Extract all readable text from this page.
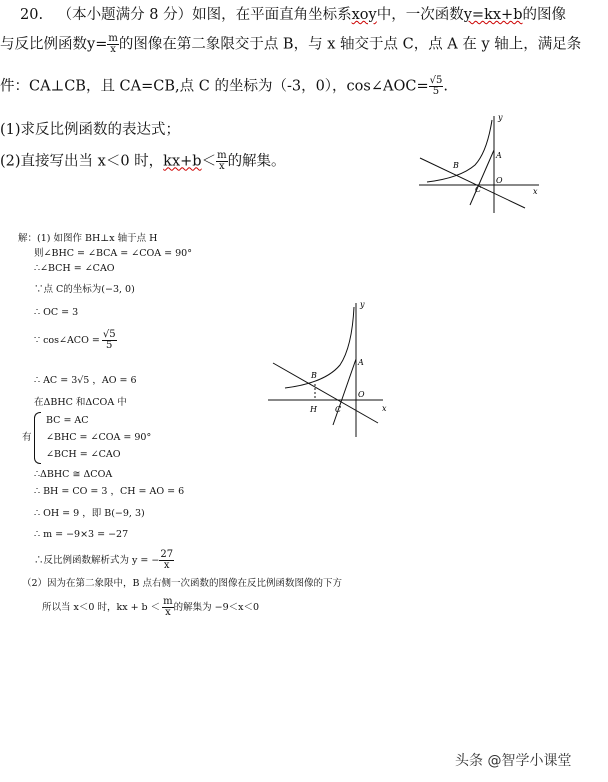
20. （本小题满分 8 分）如图，在平面直角坐标系xoy中，一次函数y=kx+b的图像
与反比例函数$y= \frac{m}{x}$ 的图像在第二象限交于点 B，与 x 轴交于点 C，点 A 在 y 轴上，满足条
件：CA⊥CB，且 CA=CB,点 C 的坐标为（-3，0），cos∠AOC= $\frac{√5}{5}$ .
(1)求反比例函数的表达式；
(2)直接写出当 x＜0 时，$kx+b< \frac{m}{x}$ 的解集。
y
A
B
C
O
x
解：(1) 如图作 BH⊥x 轴于点 H
则∠BHC = ∠BCA = ∠COA = 90°
∴∠BCH = ∠CAO
∵点 C的坐标为(−3, 0)
∴ OC = 3
∵ cos∠ACO = $\frac{√5}{5}$
∴ AC = 3√5 ，AO = 6
在ΔBHC 和ΔCOA 中
BC = AC
有 ∠BHC = ∠COA = 90°
∠BCH = ∠CAO
∴ΔBHC ≅ ΔCOA
∴ BH = CO = 3 ，CH = AO = 6
∴ OH = 9 ，即 B(−9, 3)
∴ m = −9×3 = −27
∴反比例函数解析式为 y = − $\frac{27}{x}$
（2）因为在第二象限中，B 点右侧一次函数的图像在反比例函数图像的下方
所以当 x＜0 时，kx + $b < \frac{m}{x}$ 的解集为 −9＜x＜0
y
A
B
H C
O
x
头条 @智学小课堂
